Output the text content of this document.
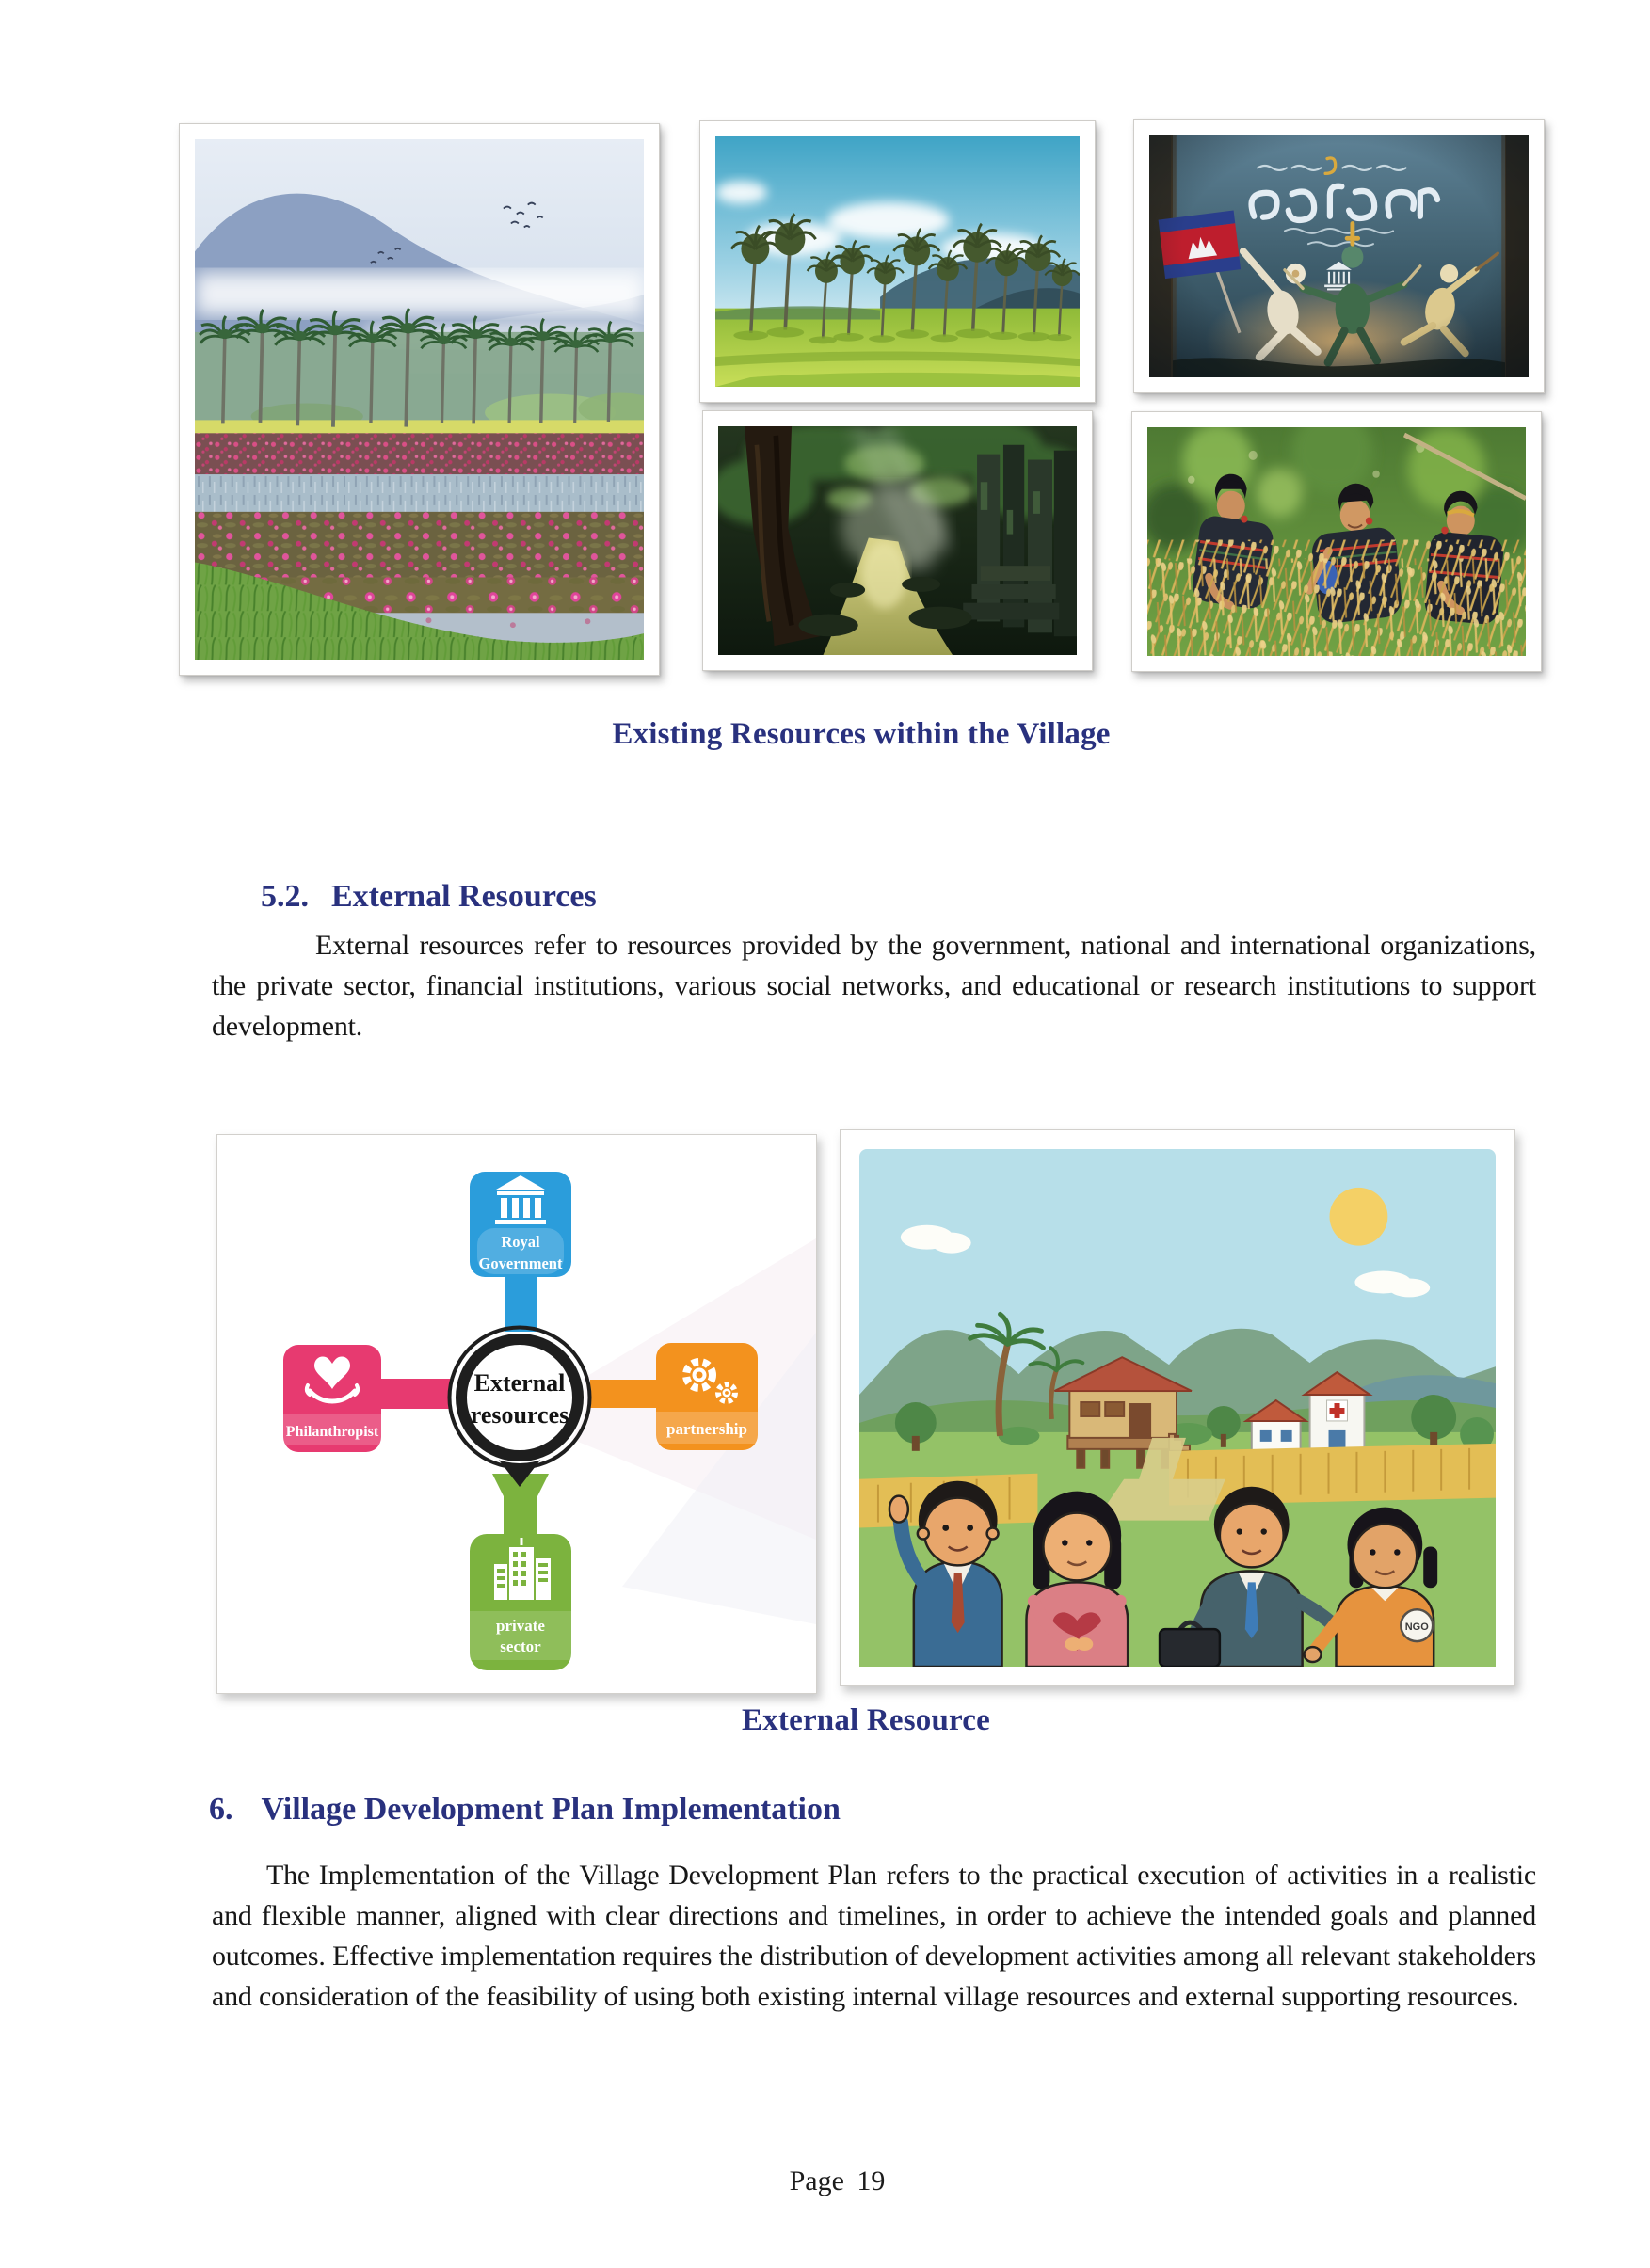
Existing Resources within the Village
5.2. External Resources
External resources refer to resources provided by the government, national and international organizations, the private sector, financial institutions, various social networks, and educational or research institutions to support development.
Royal
Government
Philanthropist	partnership
private
sector
External
resources
NGO
External Resource
6. Village Development Plan Implementation
The Implementation of the Village Development Plan refers to the practical execution of activities in a realistic and flexible manner, aligned with clear directions and timelines, in order to achieve the intended goals and planned outcomes. Effective implementation requires the distribution of development activities among all relevant stakeholders and consideration of the feasibility of using both existing internal village resources and external supporting resources.
Page 19
